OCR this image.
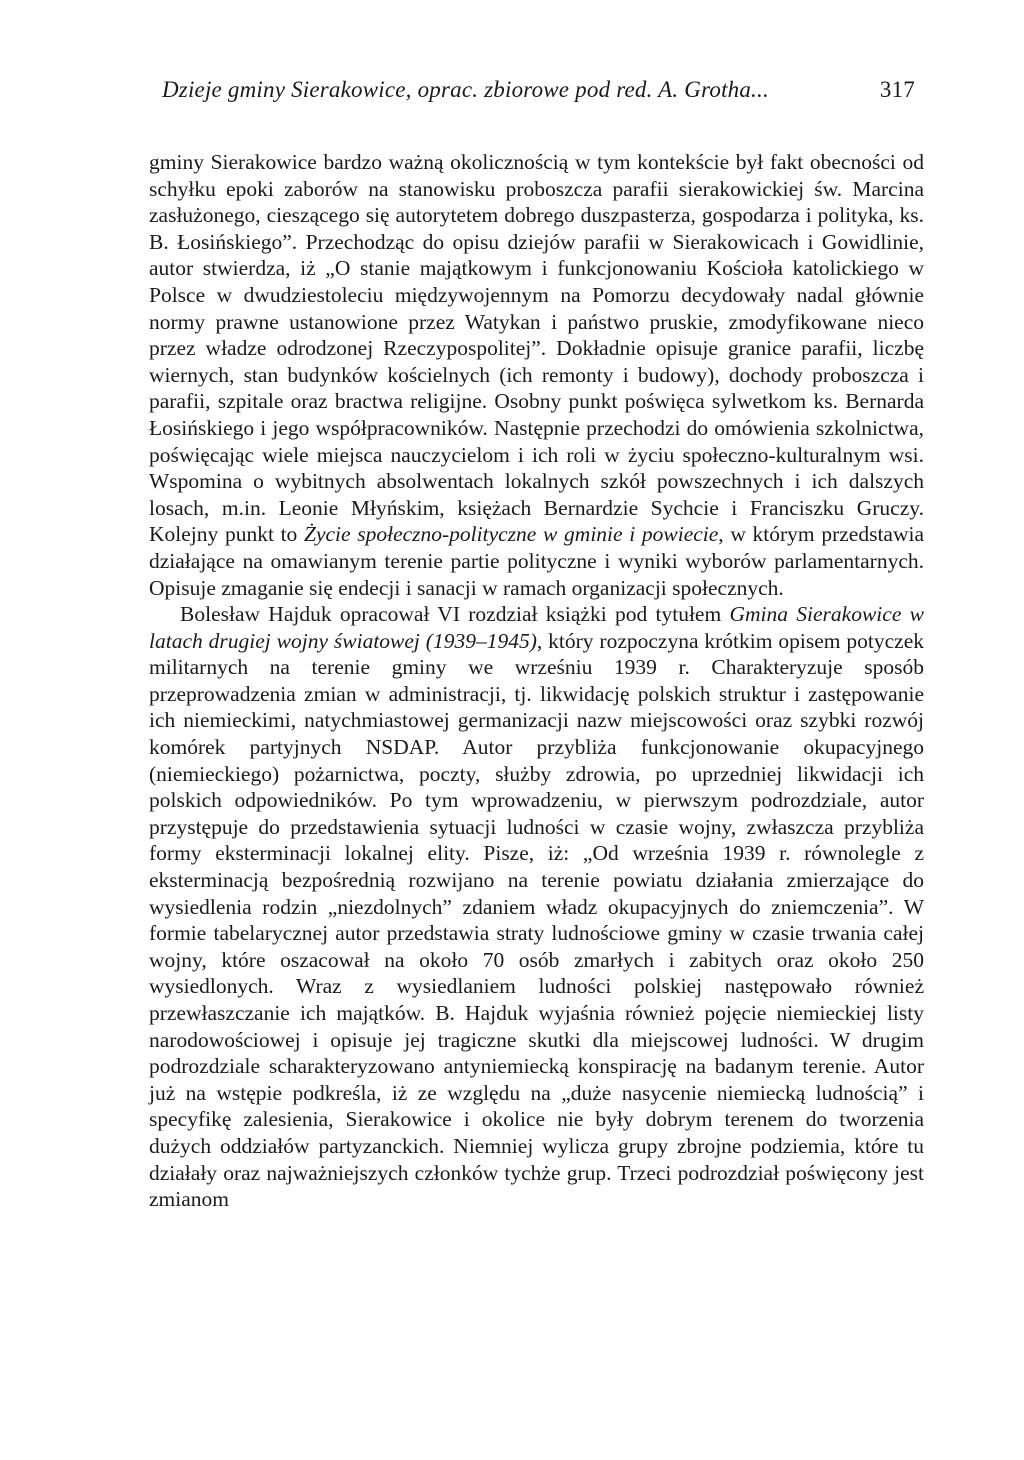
Dzieje gminy Sierakowice, oprac. zbiorowe pod red. A. Grotha...	317

gminy Sierakowice bardzo ważną okolicznością w tym kontekście był fakt obecności od schyłku epoki zaborów na stanowisku proboszcza parafii sierakowickiej św. Marcina zasłużonego, cieszącego się autorytetem dobrego duszpasterza, gospodarza i polityka, ks. B. Łosińskiego”. Przechodząc do opisu dziejów parafii w Sierakowicach i Gowidlinie, autor stwierdza, iż „O stanie majątkowym i funkcjonowaniu Kościoła katolickiego w Polsce w dwudziestoleciu międzywojennym na Pomorzu decydowały nadal głównie normy prawne ustanowione przez Watykan i państwo pruskie, zmodyfikowane nieco przez władze odrodzonej Rzeczypospolitej”. Dokładnie opisuje granice parafii, liczbę wiernych, stan budynków kościelnych (ich remonty i budowy), dochody proboszcza i parafii, szpitale oraz bractwa religijne. Osobny punkt poświęca sylwetkom ks. Bernarda Łosińskiego i jego współpracowników. Następnie przechodzi do omówienia szkolnictwa, poświęcając wiele miejsca nauczycielom i ich roli w życiu społeczno-kulturalnym wsi. Wspomina o wybitnych absolwentach lokalnych szkół powszechnych i ich dalszych losach, m.in. Leonie Młyńskim, księżach Bernardzie Sychcie i Franciszku Gruczy. Kolejny punkt to Życie społeczno-polityczne w gminie i powiecie, w którym przedstawia działające na omawianym terenie partie polityczne i wyniki wyborów parlamentarnych. Opisuje zmaganie się endecji i sanacji w ramach organizacji społecznych.

Bolesław Hajduk opracował VI rozdział książki pod tytułem Gmina Sierakowice w latach drugiej wojny światowej (1939–1945), który rozpoczyna krótkim opisem potyczek militarnych na terenie gminy we wrześniu 1939 r. Charakteryzuje sposób przeprowadzenia zmian w administracji, tj. likwidację polskich struktur i zastępowanie ich niemieckimi, natychmiastowej germanizacji nazw miejscowości oraz szybki rozwój komórek partyjnych NSDAP. Autor przybliża funkcjonowanie okupacyjnego (niemieckiego) pożarnictwa, poczty, służby zdrowia, po uprzedniej likwidacji ich polskich odpowiedników. Po tym wprowadzeniu, w pierwszym podrozdziale, autor przystępuje do przedstawienia sytuacji ludności w czasie wojny, zwłaszcza przybliża formy eksterminacji lokalnej elity. Pisze, iż: „Od września 1939 r. równolegle z eksterminacją bezpośrednią rozwijano na terenie powiatu działania zmierzające do wysiedlenia rodzin „niezdolnych” zdaniem władz okupacyjnych do zniemczenia”. W formie tabelarycznej autor przedstawia straty ludnościowe gminy w czasie trwania całej wojny, które oszacował na około 70 osób zmarłych i zabitych oraz około 250 wysiedlonych. Wraz z wysiedlaniem ludności polskiej następowało również przewłaszczanie ich majątków. B. Hajduk wyjaśnia również pojęcie niemieckiej listy narodowościowej i opisuje jej tragiczne skutki dla miejscowej ludności. W drugim podrozdziale scharakteryzowano antyniemiecką konspirację na badanym terenie. Autor już na wstępie podkreśla, iż ze względu na „duże nasycenie niemiecką ludnością” i specyfikę zalesienia, Sierakowice i okolice nie były dobrym terenem do tworzenia dużych oddziałów partyzanckich. Niemniej wylicza grupy zbrojne podziemia, które tu działały oraz najważniejszych członków tychże grup. Trzeci podrozdział poświęcony jest zmianom
